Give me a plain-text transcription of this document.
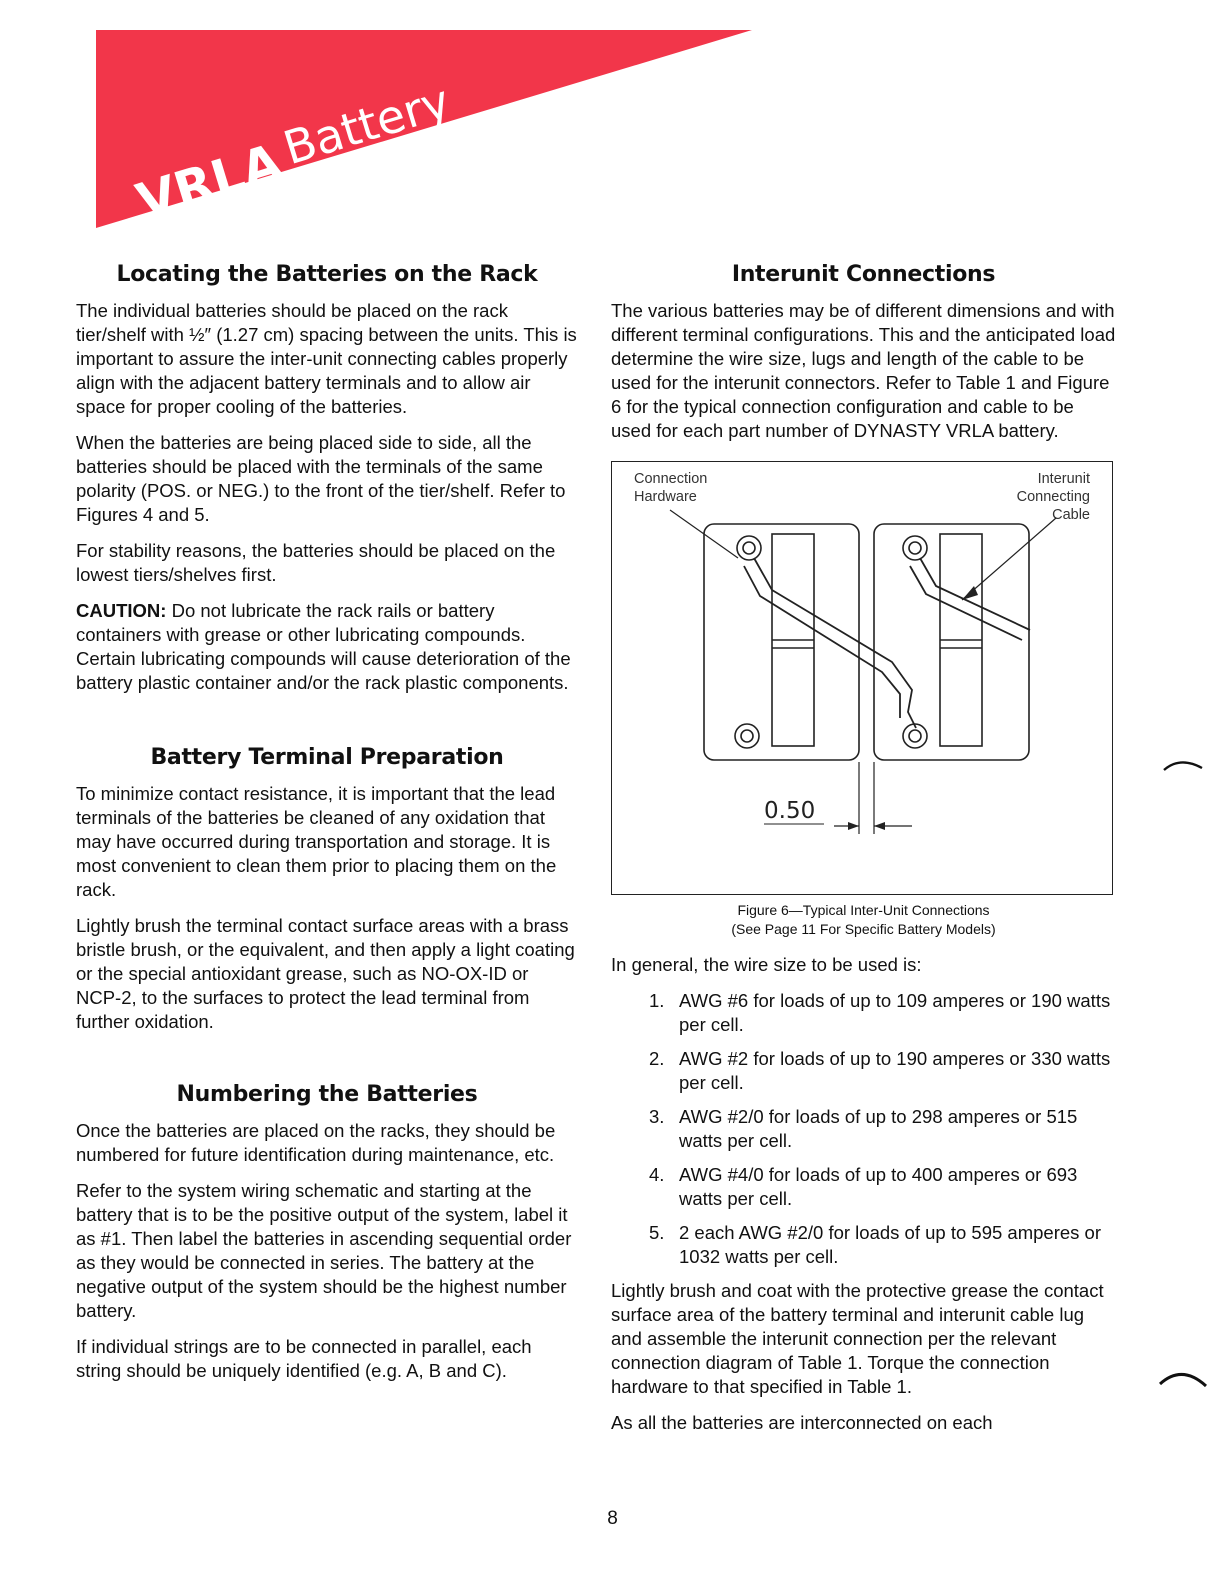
VRLA
Battery
Locating the Batteries on the Rack

The individual batteries should be placed on the rack tier/shelf with ½″ (1.27 cm) spacing between the units. This is important to assure the inter-unit connecting cables properly align with the adjacent battery terminals and to allow air space for proper cooling of the batteries.

When the batteries are being placed side to side, all the batteries should be placed with the terminals of the same polarity (POS. or NEG.) to the front of the tier/shelf. Refer to Figures 4 and 5.

For stability reasons, the batteries should be placed on the lowest tiers/shelves first.

CAUTION: Do not lubricate the rack rails or battery containers with grease or other lubricating compounds. Certain lubricating compounds will cause deterioration of the battery plastic container and/or the rack plastic components.

Battery Terminal Preparation

To minimize contact resistance, it is important that the lead terminals of the batteries be cleaned of any oxidation that may have occurred during transportation and storage. It is most convenient to clean them prior to placing them on the rack.

Lightly brush the terminal contact surface areas with a brass bristle brush, or the equivalent, and then apply a light coating or the special antioxidant grease, such as NO-OX-ID or NCP-2, to the surfaces to protect the lead terminal from further oxidation.

Numbering the Batteries

Once the batteries are placed on the racks, they should be numbered for future identification during maintenance, etc.

Refer to the system wiring schematic and starting at the battery that is to be the positive output of the system, label it as #1. Then label the batteries in ascending sequential order as they would be connected in series. The battery at the negative output of the system should be the highest number battery.

If individual strings are to be connected in parallel, each string should be uniquely identified (e.g. A, B and C).

Interunit Connections

The various batteries may be of different dimensions and with different terminal configurations. This and the anticipated load determine the wire size, lugs and length of the cable to be used for the interunit connectors. Refer to Table 1 and Figure 6 for the typical connection configuration and cable to be used for each part number of DYNASTY VRLA battery.

Connection
Hardware
Interunit
Connecting
Cable
0.50
Figure 6—Typical Inter-Unit Connections
(See Page 11 For Specific Battery Models)

In general, the wire size to be used is:

1. AWG #6 for loads of up to 109 amperes or 190 watts per cell.
2. AWG #2 for loads of up to 190 amperes or 330 watts per cell.
3. AWG #2/0 for loads of up to 298 amperes or 515 watts per cell.
4. AWG #4/0 for loads of up to 400 amperes or 693 watts per cell.
5. 2 each AWG #2/0 for loads of up to 595 amperes or 1032 watts per cell.

Lightly brush and coat with the protective grease the contact surface area of the battery terminal and interunit cable lug and assemble the interunit connection per the relevant connection diagram of Table 1. Torque the connection hardware to that specified in Table 1.

As all the batteries are interconnected on each

8
